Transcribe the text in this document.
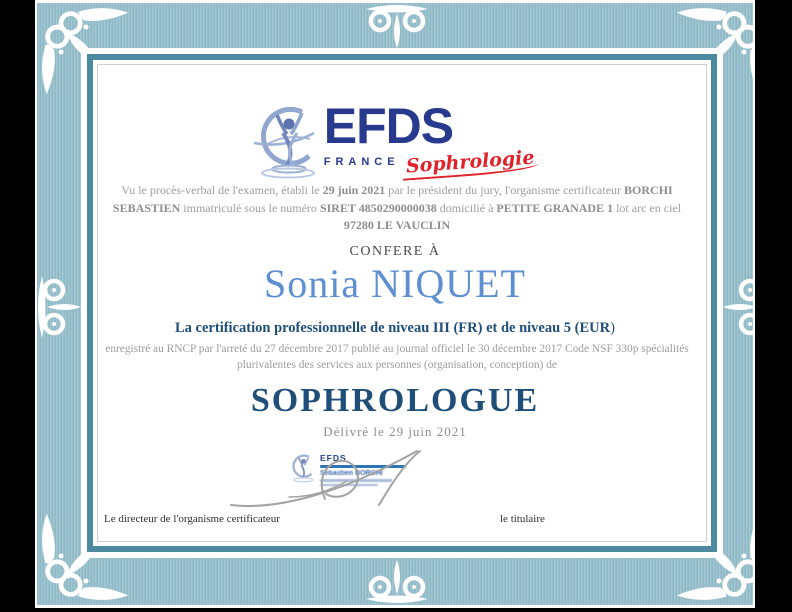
EFDS
FRANCE Sophrologie
Vu le procès-verbal de l'examen, établi le 29 juin 2021 par le président du jury, l'organisme certificateur BORCHI SEBASTIEN immatriculé sous le numéro SIRET 4850290000038 domicilié à PETITE GRANADE 1 lot arc en ciel 97280 LE VAUCLIN
CONFERE À
Sonia NIQUET
La certification professionnelle de niveau III (FR) et de niveau 5 (EUR)
enregistré au RNCP par l'arreté du 27 décembre 2017 publié au journal officiel le 30 décembre 2017 Code NSF 330p spécialités plurivalentes des services aux personnes (organisation, conception) de
SOPHROLOGUE
Délivré le 29 juin 2021
EFDS
Sebastien BORCHI
Le directeur de l'organisme certificateur	le titulaire
